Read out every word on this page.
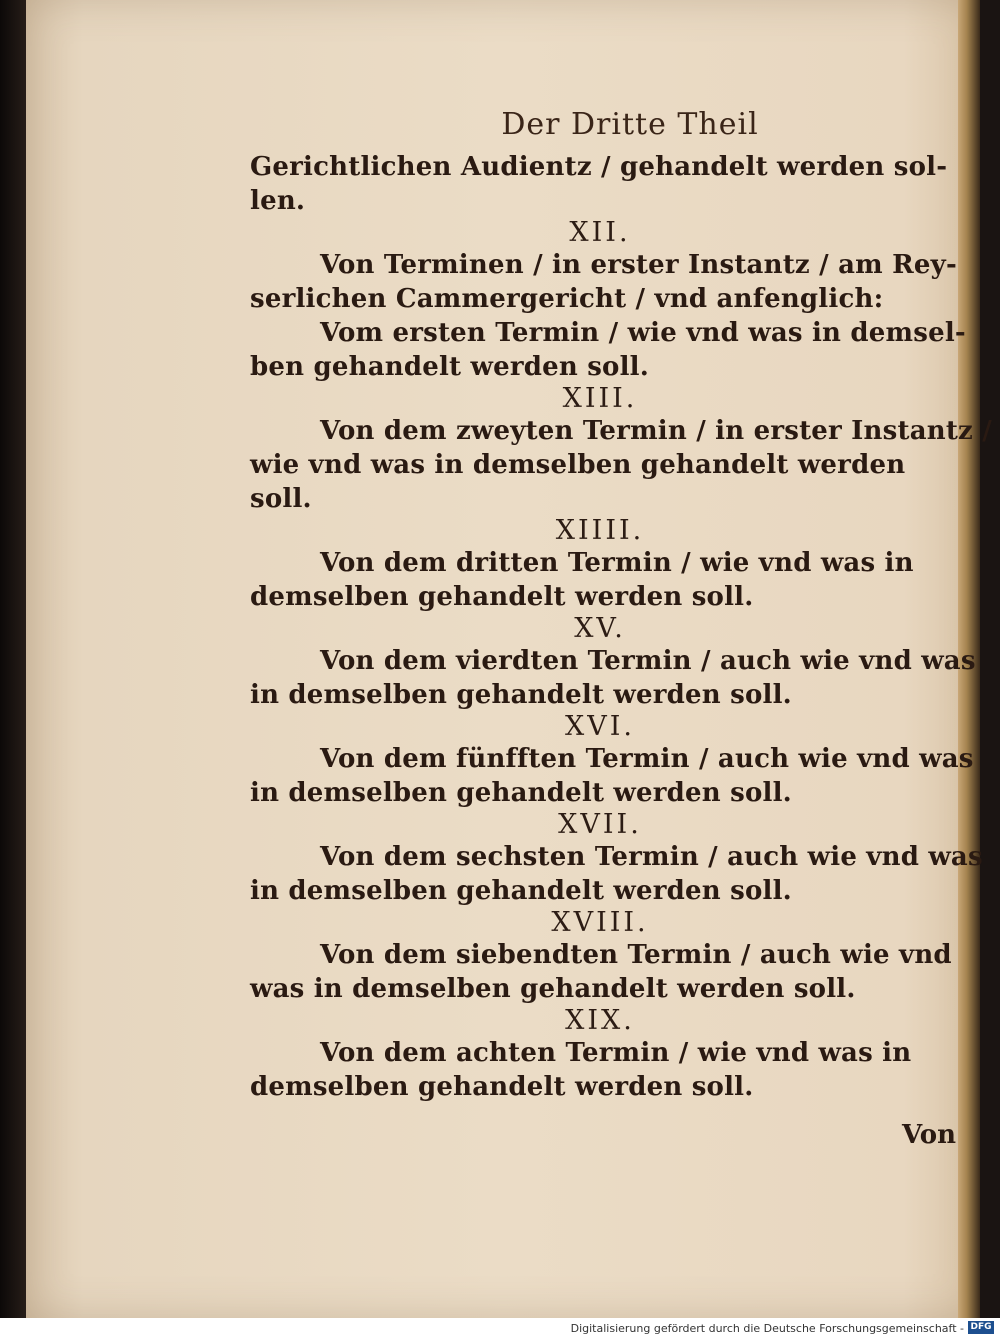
Der Dritte Theil
Gerichtlichen Audientz / gehandelt werden sol-
len.
XII.
Von Terminen / in erster Instantz / am Rey-
serlichen Cammergericht / vnd anfenglich:
Vom ersten Termin / wie vnd was in demsel-
ben gehandelt werden soll.
XIII.
Von dem zweyten Termin / in erster Instantz /
wie vnd was in demselben gehandelt werden
soll.
XIIII.
Von dem dritten Termin / wie vnd was in
demselben gehandelt werden soll.
XV.
Von dem vierdten Termin / auch wie vnd was
in demselben gehandelt werden soll.
XVI.
Von dem fünfften Termin / auch wie vnd was
in demselben gehandelt werden soll.
XVII.
Von dem sechsten Termin / auch wie vnd was
in demselben gehandelt werden soll.
XVIII.
Von dem siebendten Termin / auch wie vnd
was in demselben gehandelt werden soll.
XIX.
Von dem achten Termin / wie vnd was in
demselben gehandelt werden soll.
Von
Digitalisierung gefördert durch die Deutsche Forschungsgemeinschaft - DFG
